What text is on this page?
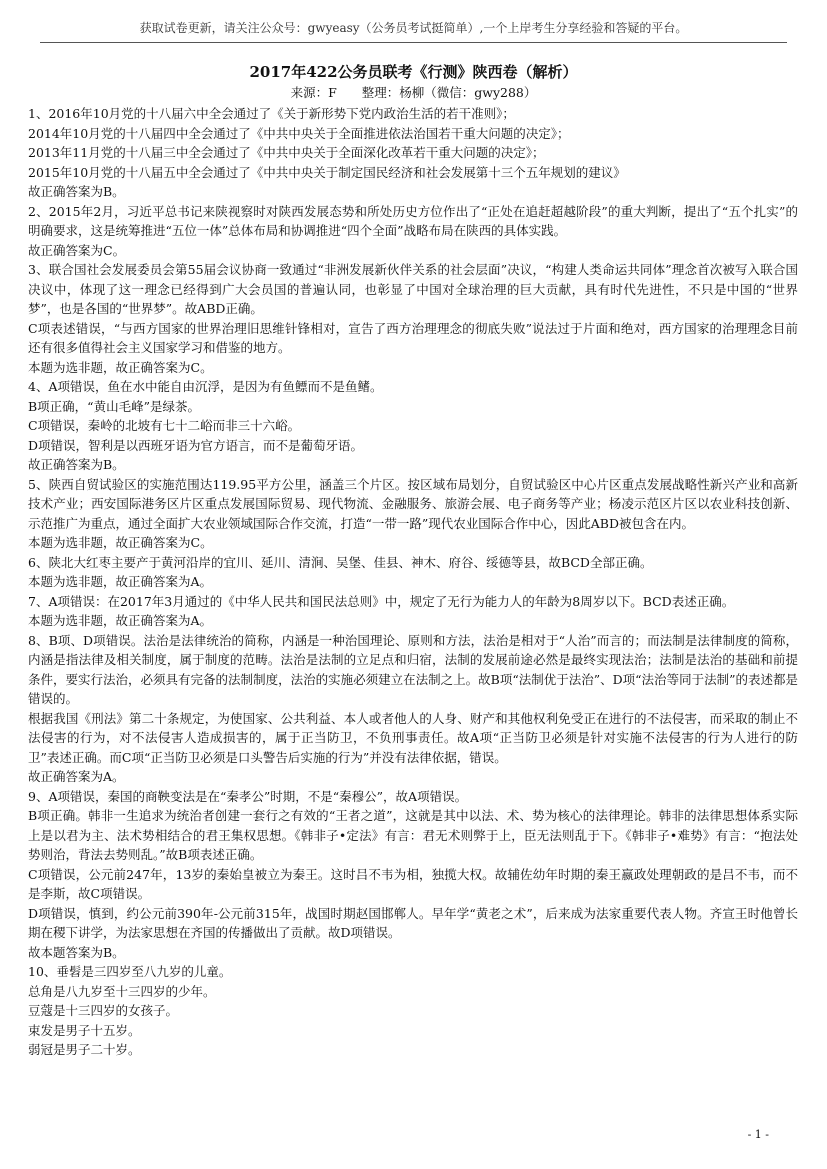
获取试卷更新，请关注公众号：gwyeasy（公务员考试挺简单）,一个上岸考生分享经验和答疑的平台。
2017年422公务员联考《行测》陕西卷（解析）
来源：F　　整理：杨柳（微信：gwy288）

1、2016年10月党的十八届六中全会通过了《关于新形势下党内政治生活的若干准则》；

2014年10月党的十八届四中全会通过了《中共中央关于全面推进依法治国若干重大问题的决定》；

2013年11月党的十八届三中全会通过了《中共中央关于全面深化改革若干重大问题的决定》；

2015年10月党的十八届五中全会通过了《中共中央关于制定国民经济和社会发展第十三个五年规划的建议》

故正确答案为B。

2、2015年2月，习近平总书记来陕视察时对陕西发展态势和所处历史方位作出了“正处在追赶超越阶段”的重大判断，提出了“五个扎实”的明确要求，这是统筹推进“五位一体”总体布局和协调推进“四个全面”战略布局在陕西的具体实践。

故正确答案为C。

3、联合国社会发展委员会第55届会议协商一致通过“非洲发展新伙伴关系的社会层面”决议，“构建人类命运共同体”理念首次被写入联合国决议中，体现了这一理念已经得到广大会员国的普遍认同，也彰显了中国对全球治理的巨大贡献，具有时代先进性，不只是中国的“世界梦”，也是各国的“世界梦”。故ABD正确。

C项表述错误，“与西方国家的世界治理旧思维针锋相对，宣告了西方治理理念的彻底失败”说法过于片面和绝对，西方国家的治理理念目前还有很多值得社会主义国家学习和借鉴的地方。

本题为选非题，故正确答案为C。

4、A项错误，鱼在水中能自由沉浮，是因为有鱼鳔而不是鱼鳍。

B项正确，“黄山毛峰”是绿茶。

C项错误，秦岭的北坡有七十二峪而非三十六峪。

D项错误，智利是以西班牙语为官方语言，而不是葡萄牙语。

故正确答案为B。

5、陕西自贸试验区的实施范围达119.95平方公里，涵盖三个片区。按区域布局划分，自贸试验区中心片区重点发展战略性新兴产业和高新技术产业；西安国际港务区片区重点发展国际贸易、现代物流、金融服务、旅游会展、电子商务等产业；杨凌示范区片区以农业科技创新、示范推广为重点，通过全面扩大农业领域国际合作交流，打造“一带一路”现代农业国际合作中心，因此ABD被包含在内。

本题为选非题，故正确答案为C。

6、陕北大红枣主要产于黄河沿岸的宜川、延川、清涧、吴堡、佳县、神木、府谷、绥德等县，故BCD全部正确。

本题为选非题，故正确答案为A。

7、A项错误：在2017年3月通过的《中华人民共和国民法总则》中，规定了无行为能力人的年龄为8周岁以下。BCD表述正确。

本题为选非题，故正确答案为A。

8、B项、D项错误。法治是法律统治的简称，内涵是一种治国理论、原则和方法，法治是相对于“人治”而言的；而法制是法律制度的简称，内涵是指法律及相关制度，属于制度的范畴。法治是法制的立足点和归宿，法制的发展前途必然是最终实现法治；法制是法治的基础和前提条件，要实行法治，必须具有完备的法制制度，法治的实施必须建立在法制之上。故B项“法制优于法治”、D项“法治等同于法制”的表述都是错误的。

根据我国《刑法》第二十条规定，为使国家、公共利益、本人或者他人的人身、财产和其他权利免受正在进行的不法侵害，而采取的制止不法侵害的行为，对不法侵害人造成损害的，属于正当防卫，不负刑事责任。故A项“正当防卫必须是针对实施不法侵害的行为人进行的防卫”表述正确。而C项“正当防卫必须是口头警告后实施的行为”并没有法律依据，错误。

故正确答案为A。

9、A项错误，秦国的商鞅变法是在“秦孝公”时期，不是“秦穆公”，故A项错误。

B项正确。韩非一生追求为统治者创建一套行之有效的“王者之道”，这就是其中以法、术、势为核心的法律理论。韩非的法律思想体系实际上是以君为主、法术势相结合的君王集权思想。《韩非子•定法》有言：君无术则弊于上，臣无法则乱于下。《韩非子•难势》有言：“抱法处势则治，背法去势则乱。”故B项表述正确。

C项错误，公元前247年，13岁的秦始皇被立为秦王。这时吕不韦为相，独揽大权。故辅佐幼年时期的秦王嬴政处理朝政的是吕不韦，而不是李斯，故C项错误。

D项错误，慎到，约公元前390年-公元前315年，战国时期赵国邯郸人。早年学“黄老之术”，后来成为法家重要代表人物。齐宣王时他曾长期在稷下讲学，为法家思想在齐国的传播做出了贡献。故D项错误。

故本题答案为B。

10、垂髫是三四岁至八九岁的儿童。

总角是八九岁至十三四岁的少年。

豆蔻是十三四岁的女孩子。

束发是男子十五岁。

弱冠是男子二十岁。

- 1 -
